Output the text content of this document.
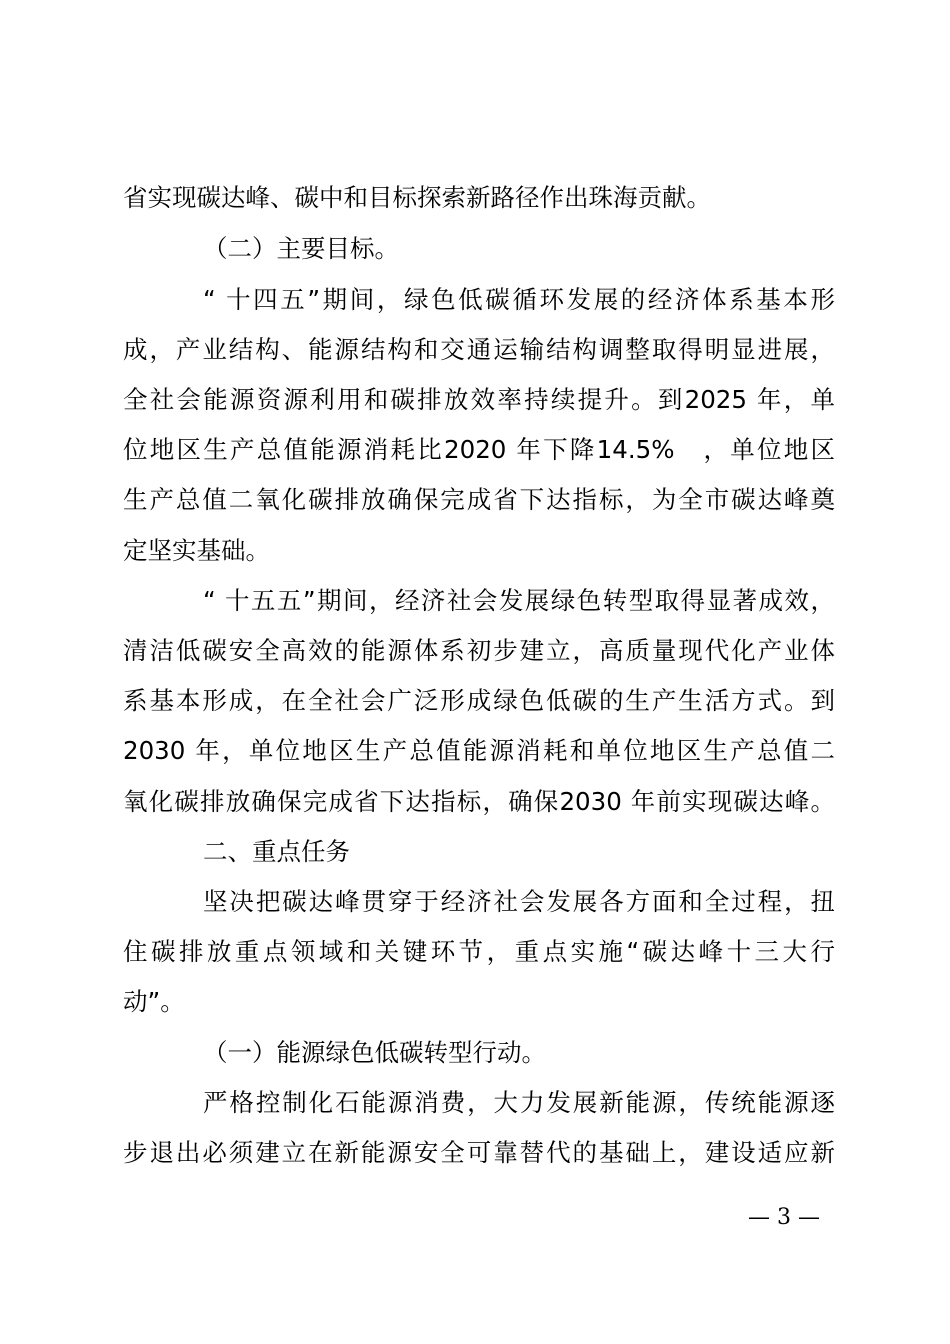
省实现碳达峰、碳中和目标探索新路径作出珠海贡献。
（二）主要目标。
“ 十四五”期间，绿色低碳循环发展的经济体系基本形
成，产业结构、能源结构和交通运输结构调整取得明显进展，
全社会能源资源利用和碳排放效率持续提升。到2025 年，单
位地区生产总值能源消耗比2020 年下降14.5%　，单位地区
生产总值二氧化碳排放确保完成省下达指标，为全市碳达峰奠
定坚实基础。
“ 十五五”期间，经济社会发展绿色转型取得显著成效，
清洁低碳安全高效的能源体系初步建立，高质量现代化产业体
系基本形成，在全社会广泛形成绿色低碳的生产生活方式。到
2030 年，单位地区生产总值能源消耗和单位地区生产总值二
氧化碳排放确保完成省下达指标，确保2030 年前实现碳达峰。
二、重点任务
坚决把碳达峰贯穿于经济社会发展各方面和全过程，扭
住碳排放重点领域和关键环节，重点实施“碳达峰十三大行
动”。
（一）能源绿色低碳转型行动。
严格控制化石能源消费，大力发展新能源，传统能源逐
步退出必须建立在新能源安全可靠替代的基础上，建设适应新
— 3 —
